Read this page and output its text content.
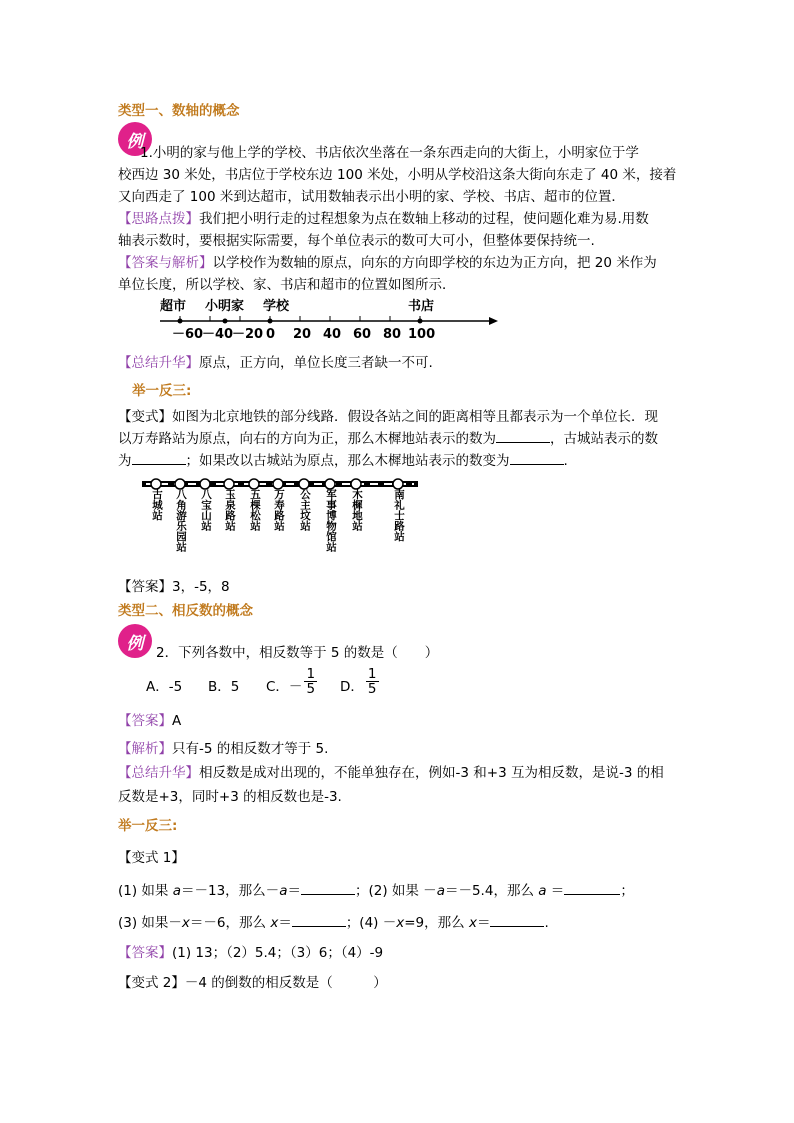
类型一、数轴的概念
例
1.小明的家与他上学的学校、书店依次坐落在一条东西走向的大街上，小明家位于学
校西边 30 米处，书店位于学校东边 100 米处，小明从学校沿这条大街向东走了 40 米，接着
又向西走了 100 米到达超市，试用数轴表示出小明的家、学校、书店、超市的位置．
【思路点拨】我们把小明行走的过程想象为点在数轴上移动的过程，使问题化难为易.用数
轴表示数时，要根据实际需要，每个单位表示的数可大可小，但整体要保持统一.
【答案与解析】以学校作为数轴的原点，向东的方向即学校的东边为正方向，把 20 米作为
单位长度，所以学校、家、书店和超市的位置如图所示．
超市 小明家 学校	书店
－60
－40
－20 0 20 40 60 80 100
【总结升华】原点，正方向，单位长度三者缺一不可.
举一反三:
【变式】如图为北京地铁的部分线路．假设各站之间的距离相等且都表示为一个单位长．现
以万寿路站为原点，向右的方向为正，那么木樨地站表示的数为	，古城站表示的数
为	；如果改以古城站为原点，那么木樨地站表示的数变为	.
古城站 八角游乐园站 八宝山站 玉泉路站 五棵松站 万寿路站 公主坟站 军事博物馆站 木樨地站	南礼士路站
【答案】3，-5，8
类型二、相反数的概念
例 2．下列各数中，相反数等于 5 的数是（　　）
A．-5 B．5 C．－ $\frac{1}{5}$ D． $\frac{1}{5}$
【答案】A
【解析】只有-5 的相反数才等于 5.
【总结升华】相反数是成对出现的，不能单独存在，例如-3 和+3 互为相反数，是说-3 的相
反数是+3，同时+3 的相反数也是-3.
举一反三:
【变式 1】
(1) 如果 a＝－13，那么－a＝	；(2) 如果 －a＝－5.4，那么 a ＝	；
(3) 如果－x＝－6，那么 x＝	；(4) －x=9，那么 x＝	.
【答案】(1) 13；（2）5.4；（3）6；（4）-9
【变式 2】－4 的倒数的相反数是（　　　）
